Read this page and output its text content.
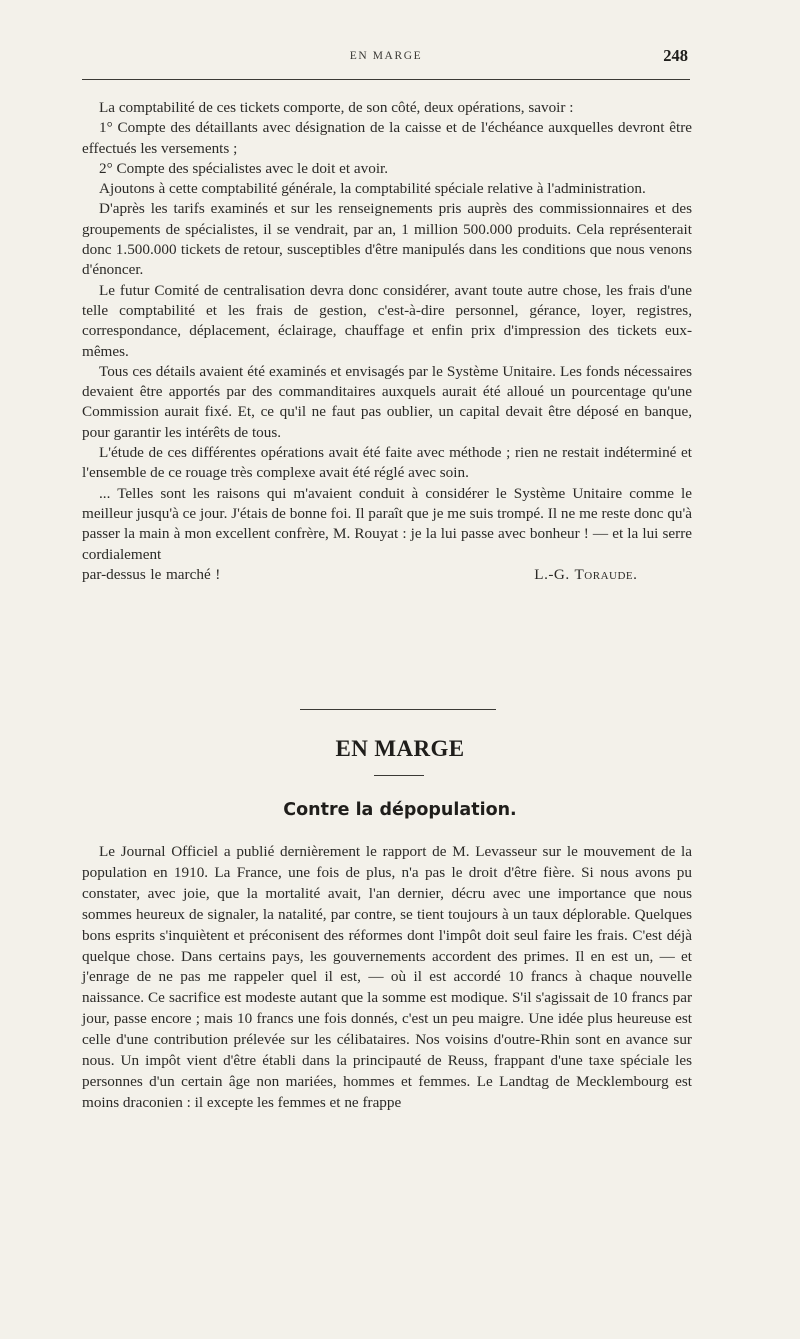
EN MARGE	248

La comptabilité de ces tickets comporte, de son côté, deux opérations, savoir :

1° Compte des détaillants avec désignation de la caisse et de l'échéance auxquelles devront être effectués les versements ;

2° Compte des spécialistes avec le doit et avoir.

Ajoutons à cette comptabilité générale, la comptabilité spéciale relative à l'administration.

D'après les tarifs examinés et sur les renseignements pris auprès des commissionnaires et des groupements de spécialistes, il se vendrait, par an, 1 million 500.000 produits. Cela représenterait donc 1.500.000 tickets de retour, susceptibles d'être manipulés dans les conditions que nous venons d'énoncer.

Le futur Comité de centralisation devra donc considérer, avant toute autre chose, les frais d'une telle comptabilité et les frais de gestion, c'est-à-dire personnel, gérance, loyer, registres, correspondance, déplacement, éclairage, chauffage et enfin prix d'impression des tickets eux-mêmes.

Tous ces détails avaient été examinés et envisagés par le Système Unitaire. Les fonds nécessaires devaient être apportés par des commanditaires auxquels aurait été alloué un pourcentage qu'une Commission aurait fixé. Et, ce qu'il ne faut pas oublier, un capital devait être déposé en banque, pour garantir les intérêts de tous.

L'étude de ces différentes opérations avait été faite avec méthode ; rien ne restait indéterminé et l'ensemble de ce rouage très complexe avait été réglé avec soin.

... Telles sont les raisons qui m'avaient conduit à considérer le Système Unitaire comme le meilleur jusqu'à ce jour. J'étais de bonne foi. Il paraît que je me suis trompé. Il ne me reste donc qu'à passer la main à mon excellent confrère, M. Rouyat : je la lui passe avec bonheur ! — et la lui serre cordialement

par-dessus le marché !	L.-G. Toraude.

EN MARGE
Contre la dépopulation.

Le Journal Officiel a publié dernièrement le rapport de M. Levasseur sur le mouvement de la population en 1910. La France, une fois de plus, n'a pas le droit d'être fière. Si nous avons pu constater, avec joie, que la mortalité avait, l'an dernier, décru avec une importance que nous sommes heureux de signaler, la natalité, par contre, se tient toujours à un taux déplorable. Quelques bons esprits s'inquiètent et préconisent des réformes dont l'impôt doit seul faire les frais. C'est déjà quelque chose. Dans certains pays, les gouvernements accordent des primes. Il en est un, — et j'enrage de ne pas me rappeler quel il est, — où il est accordé 10 francs à chaque nouvelle naissance. Ce sacrifice est modeste autant que la somme est modique. S'il s'agissait de 10 francs par jour, passe encore ; mais 10 francs une fois donnés, c'est un peu maigre. Une idée plus heureuse est celle d'une contribution prélevée sur les célibataires. Nos voisins d'outre-Rhin sont en avance sur nous. Un impôt vient d'être établi dans la principauté de Reuss, frappant d'une taxe spéciale les personnes d'un certain âge non mariées, hommes et femmes. Le Landtag de Mecklembourg est moins draconien : il excepte les femmes et ne frappe
